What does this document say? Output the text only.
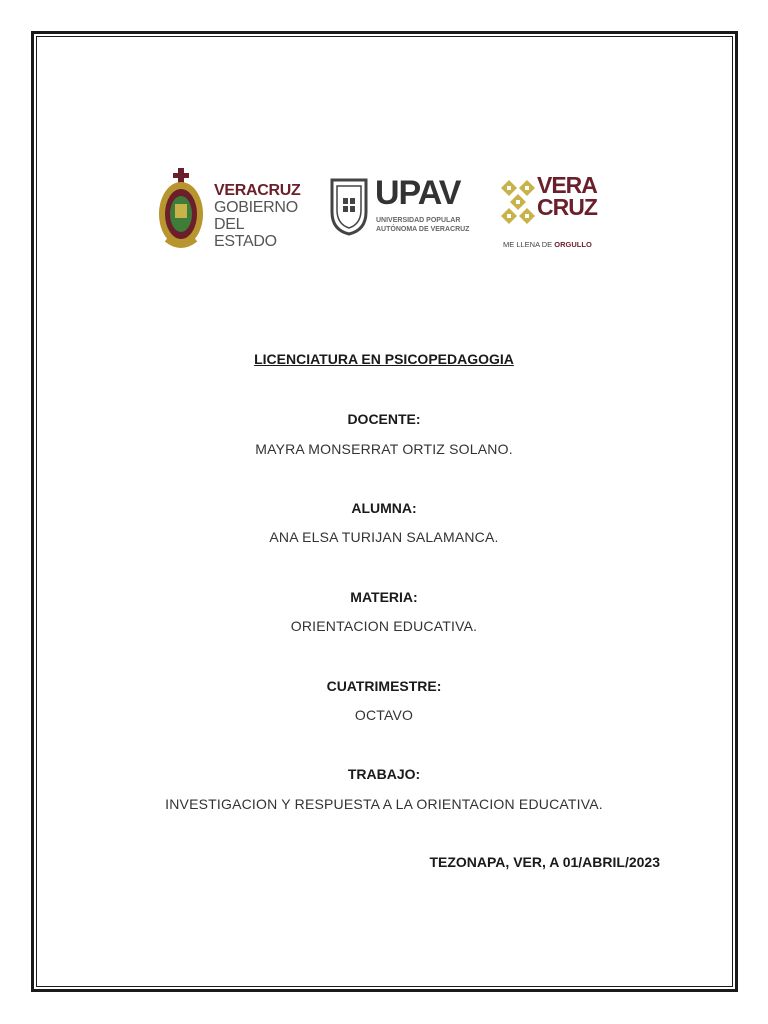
VERACRUZ
GOBIERNO
DEL ESTADO
UPAV
UNIVERSIDAD POPULAR
AUTÓNOMA DE VERACRUZ
VERA
CRUZ
ME LLENA DE ORGULLO
LICENCIATURA EN PSICOPEDAGOGIA
DOCENTE:
MAYRA MONSERRAT ORTIZ SOLANO.
ALUMNA:
ANA ELSA TURIJAN SALAMANCA.
MATERIA:
ORIENTACION EDUCATIVA.
CUATRIMESTRE:
OCTAVO
TRABAJO:
INVESTIGACION Y RESPUESTA A LA ORIENTACION EDUCATIVA.
TEZONAPA, VER, A 01/ABRIL/2023
